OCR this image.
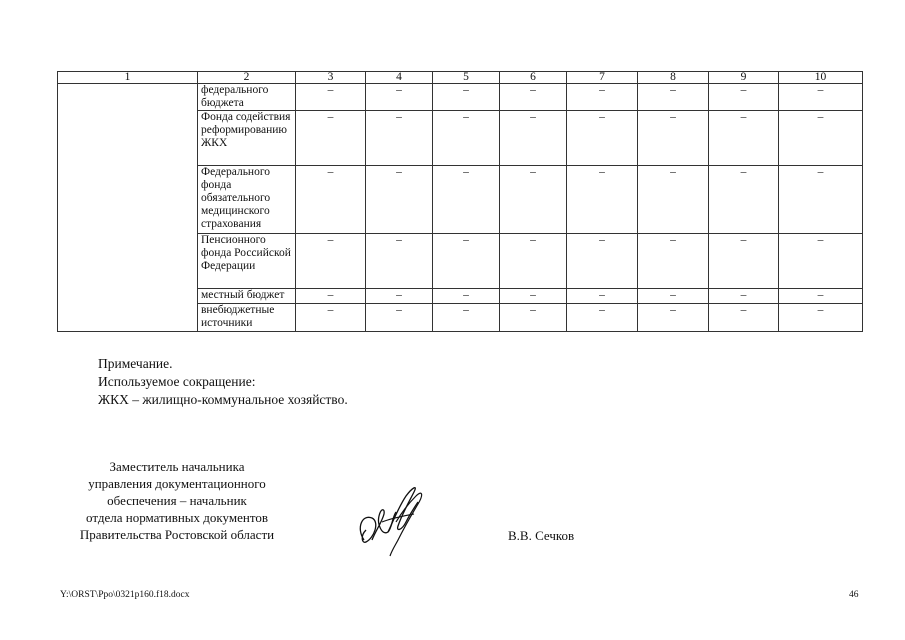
1	2	3	4	5	6	7	8	9	10
	федерального бюджета	–	–	–	–	–	–	–	–
	Фонда содействия реформированию ЖКХ	–	–	–	–	–	–	–	–
	Федерального фонда обязательного медицинского страхования	–	–	–	–	–	–	–	–
	Пенсионного фонда Российской Федерации	–	–	–	–	–	–	–	–
	местный бюджет	–	–	–	–	–	–	–	–
	внебюджетные источники	–	–	–	–	–	–	–	–
Примечание.
Используемое сокращение:
ЖКХ – жилищно-коммунальное хозяйство.
Заместитель начальника
управления документационного
обеспечения – начальник
отдела нормативных документов
Правительства Ростовской области	В.В. Сечков
Y:\ORST\Ppo\0321p160.f18.docx	46
